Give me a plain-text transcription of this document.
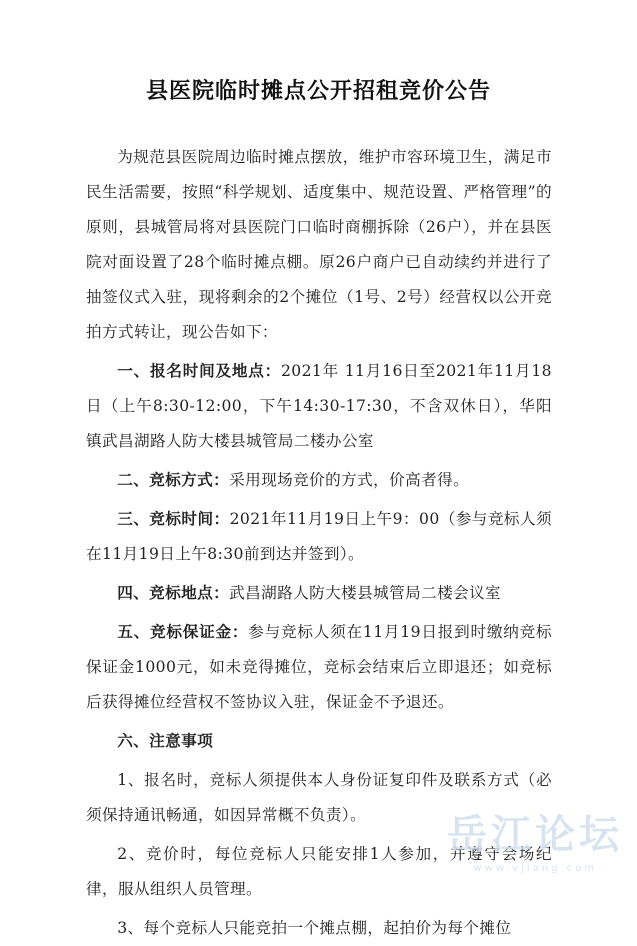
县医院临时摊点公开招租竞价公告

为规范县医院周边临时摊点摆放，维护市容环境卫生，满足市民生活需要，按照“科学规划、适度集中、规范设置、严格管理”的原则，县城管局将对县医院门口临时商棚拆除（26户），并在县医院对面设置了28个临时摊点棚。原26户商户已自动续约并进行了抽签仪式入驻，现将剩余的2个摊位（1号、2号）经营权以公开竞拍方式转让，现公告如下：

一、报名时间及地点：2021年 11月16日至2021年11月18日（上午8:30-12:00，下午14:30-17:30，不含双休日），华阳镇武昌湖路人防大楼县城管局二楼办公室

二、竞标方式：采用现场竞价的方式，价高者得。

三、竞标时间：2021年11月19日上午9：00（参与竞标人须在11月19日上午8:30前到达并签到）。

四、竞标地点：武昌湖路人防大楼县城管局二楼会议室

五、竞标保证金：参与竞标人须在11月19日报到时缴纳竞标保证金1000元，如未竞得摊位，竞标会结束后立即退还；如竞标后获得摊位经营权不签协议入驻，保证金不予退还。

六、注意事项

1、报名时，竞标人须提供本人身份证复印件及联系方式（必须保持通讯畅通，如因异常概不负责）。

2、竞价时，每位竞标人只能安排1人参加，并遵守会场纪律，服从组织人员管理。

3、每个竞标人只能竞拍一个摊点棚，起拍价为每个摊位

岳江论坛
www.vjiang.com
